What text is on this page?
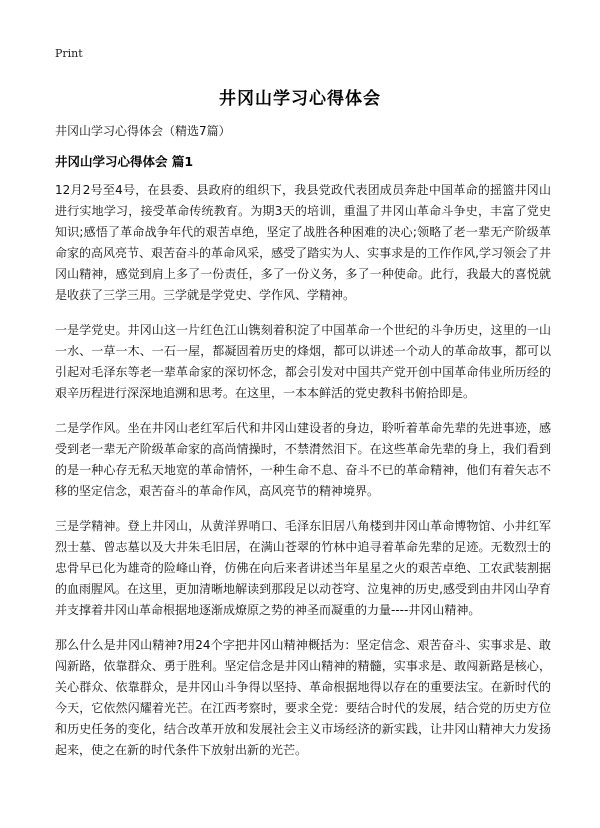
Print
井冈山学习心得体会
井冈山学习心得体会（精选7篇）
井冈山学习心得体会 篇1

12月2号至4号，在县委、县政府的组织下，我县党政代表团成员奔赴中国革命的摇篮井冈山进行实地学习，接受革命传统教育。为期3天的培训，重温了井冈山革命斗争史，丰富了党史知识;感悟了革命战争年代的艰苦卓绝，坚定了战胜各种困难的决心;领略了老一辈无产阶级革命家的高风亮节、艰苦奋斗的革命风采，感受了踏实为人、实事求是的工作作风,学习领会了井冈山精神，感觉到肩上多了一份责任，多了一份义务，多了一种使命。此行，我最大的喜悦就是收获了三学三用。三学就是学党史、学作风、学精神。

一是学党史。井冈山这一片红色江山镌刻着积淀了中国革命一个世纪的斗争历史，这里的一山一水、一草一木、一石一屋，都凝固着历史的烽烟，都可以讲述一个动人的革命故事，都可以引起对毛泽东等老一辈革命家的深切怀念，都会引发对中国共产党开创中国革命伟业所历经的艰辛历程进行深深地追溯和思考。在这里，一本本鲜活的党史教科书俯拾即是。

二是学作风。坐在井冈山老红军后代和井冈山建设者的身边，聆听着革命先辈的先进事迹，感受到老一辈无产阶级革命家的高尚情操时，不禁潸然泪下。在这些革命先辈的身上，我们看到的是一种心存无私天地宽的革命情怀，一种生命不息、奋斗不已的革命精神，他们有着矢志不移的坚定信念，艰苦奋斗的革命作风，高风亮节的精神境界。

三是学精神。登上井冈山，从黄洋界哨口、毛泽东旧居八角楼到井冈山革命博物馆、小井红军烈士墓、曾志墓以及大井朱毛旧居，在满山苍翠的竹林中追寻着革命先辈的足迹。无数烈士的忠骨早已化为雄奇的险峰山脊，仿佛在向后来者讲述当年星星之火的艰苦卓绝、工农武装割据的血雨腥风。在这里，更加清晰地解读到那段足以动苍穹、泣鬼神的历史,感受到由井冈山孕育并支撑着井冈山革命根据地逐渐成燎原之势的神圣而凝重的力量----井冈山精神。

那么什么是井冈山精神?用24个字把井冈山精神概括为：坚定信念、艰苦奋斗、实事求是、敢闯新路，依靠群众、勇于胜利。坚定信念是井冈山精神的精髓，实事求是、敢闯新路是核心，关心群众、依靠群众，是井冈山斗争得以坚持、革命根据地得以存在的重要法宝。在新时代的今天，它依然闪耀着光芒。在江西考察时，要求全党：要结合时代的发展，结合党的历史方位和历史任务的变化，结合改革开放和发展社会主义市场经济的新实践，让井冈山精神大力发扬起来，使之在新的时代条件下放射出新的光芒。
